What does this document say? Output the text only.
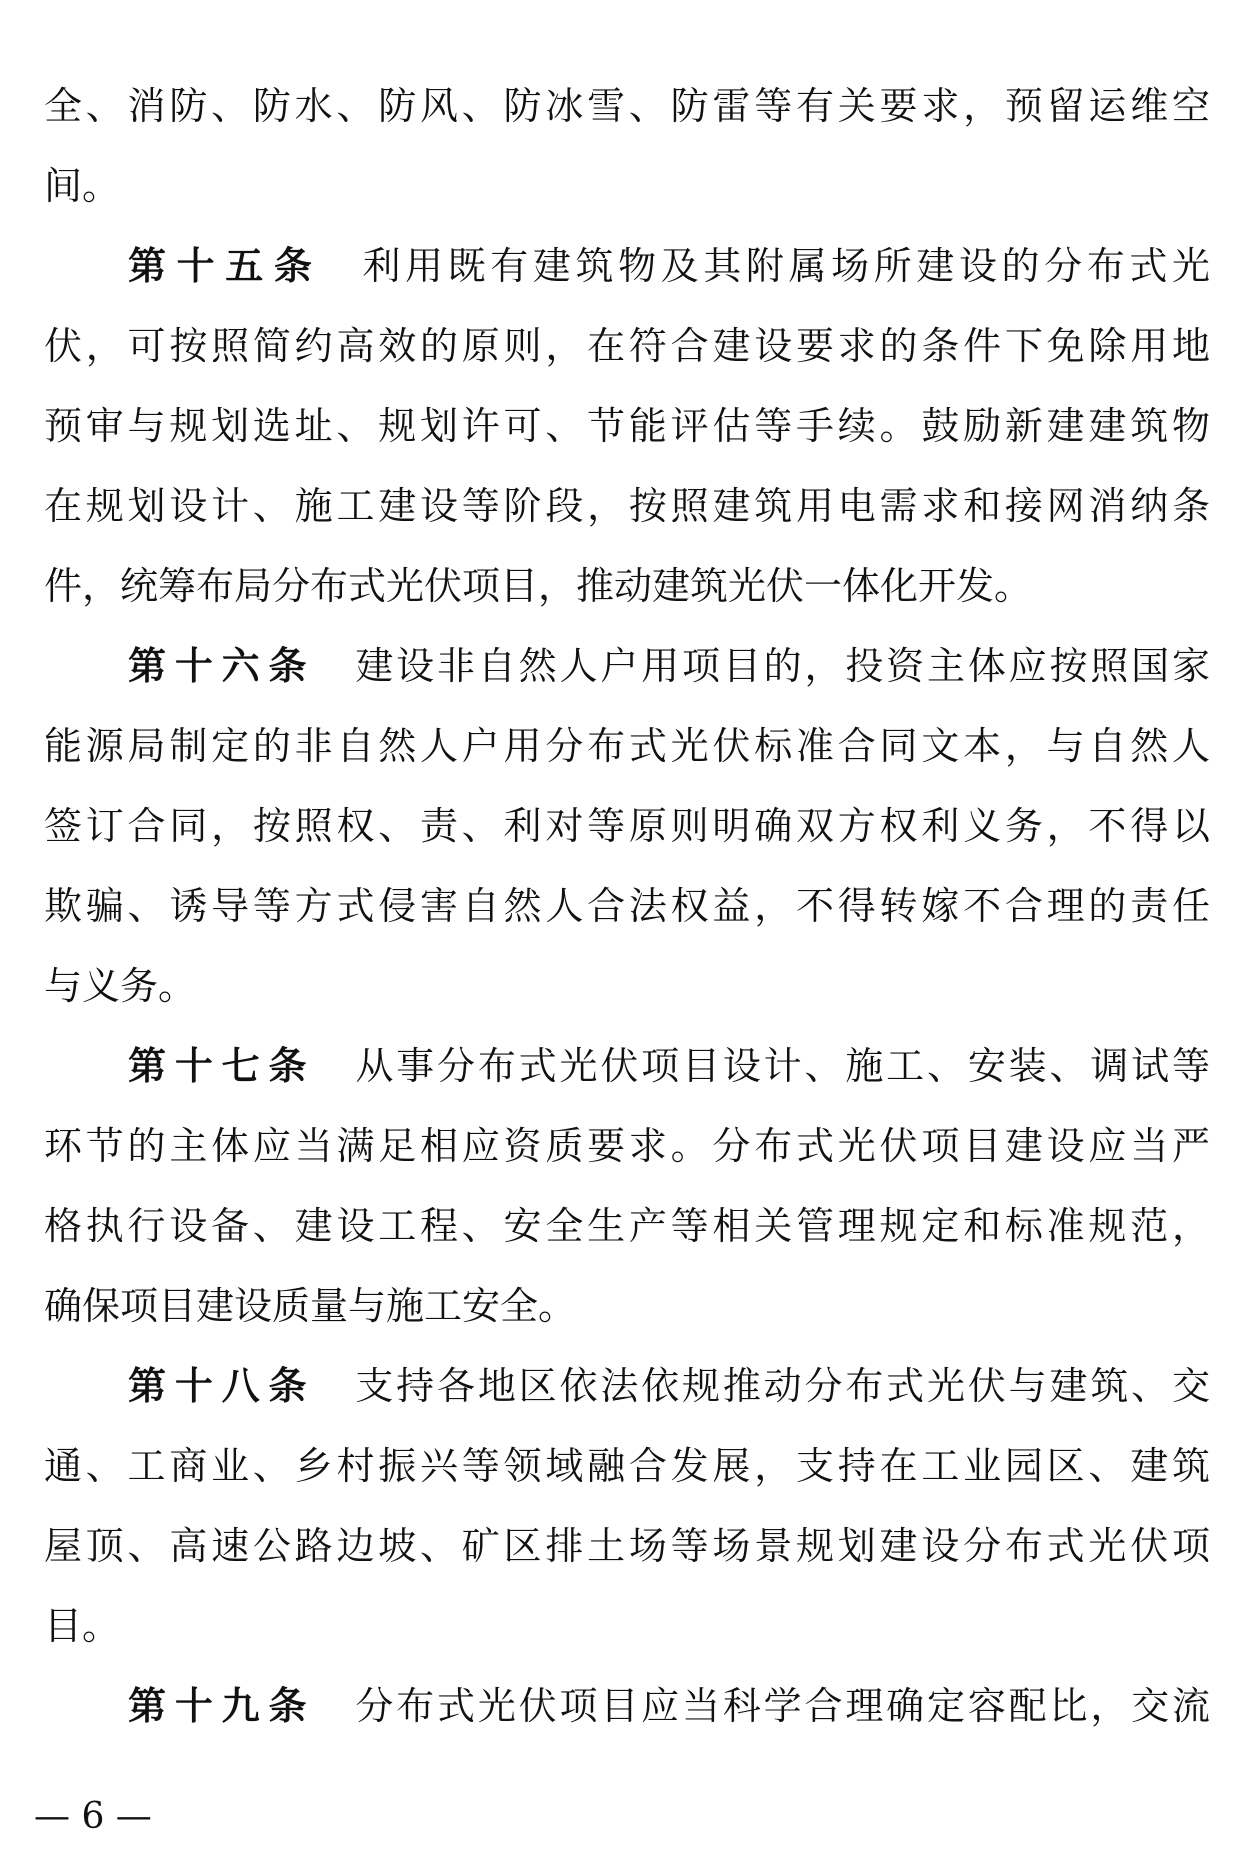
全、消防、防水、防风、防冰雪、防雷等有关要求，预留运维空
间。
第十五条 利用既有建筑物及其附属场所建设的分布式光
伏，可按照简约高效的原则，在符合建设要求的条件下免除用地
预审与规划选址、规划许可、节能评估等手续。鼓励新建建筑物
在规划设计、施工建设等阶段，按照建筑用电需求和接网消纳条
件，统筹布局分布式光伏项目，推动建筑光伏一体化开发。
第十六条 建设非自然人户用项目的，投资主体应按照国家
能源局制定的非自然人户用分布式光伏标准合同文本，与自然人
签订合同，按照权、责、利对等原则明确双方权利义务，不得以
欺骗、诱导等方式侵害自然人合法权益，不得转嫁不合理的责任
与义务。
第十七条 从事分布式光伏项目设计、施工、安装、调试等
环节的主体应当满足相应资质要求。分布式光伏项目建设应当严
格执行设备、建设工程、安全生产等相关管理规定和标准规范，
确保项目建设质量与施工安全。
第十八条 支持各地区依法依规推动分布式光伏与建筑、交
通、工商业、乡村振兴等领域融合发展，支持在工业园区、建筑
屋顶、高速公路边坡、矿区排土场等场景规划建设分布式光伏项
目。
第十九条 分布式光伏项目应当科学合理确定容配比，交流
— 6 —
